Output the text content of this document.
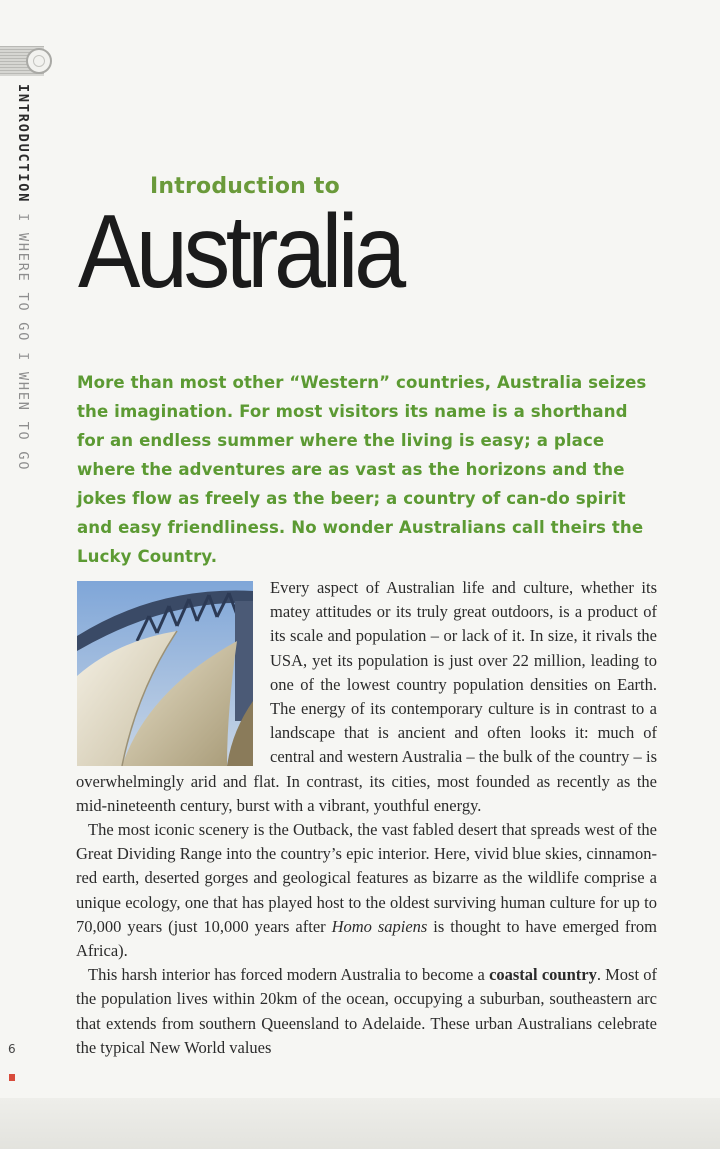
INTRODUCTION I WHERE TO GO I WHEN TO GO
Introduction to
Australia

More than most other “Western” countries, Australia seizes the imagination. For most visitors its name is a shorthand for an endless summer where the living is easy; a place where the adventures are as vast as the horizons and the jokes flow as freely as the beer; a country of can-do spirit and easy friendliness. No wonder Australians call theirs the Lucky Country.

Every aspect of Australian life and culture, whether its matey attitudes or its truly great outdoors, is a product of its scale and population – or lack of it. In size, it rivals the USA, yet its population is just over 22 million, leading to one of the lowest country population densities on Earth. The energy of its contemporary culture is in contrast to a landscape that is ancient and often looks it: much of central and western Australia – the bulk of the country – is overwhelmingly arid and flat. In contrast, its cities, most founded as recently as the mid-nineteenth century, burst with a vibrant, youthful energy.

The most iconic scenery is the Outback, the vast fabled desert that spreads west of the Great Dividing Range into the country’s epic interior. Here, vivid blue skies, cinnamon-red earth, deserted gorges and geological features as bizarre as the wildlife comprise a unique ecology, one that has played host to the oldest surviving human culture for up to 70,000 years (just 10,000 years after Homo sapiens is thought to have emerged from Africa).

This harsh interior has forced modern Australia to become a coastal country. Most of the population lives within 20km of the ocean, occupying a suburban, southeastern arc that extends from southern Queensland to Adelaide. These urban Australians celebrate the typical New World values

6
